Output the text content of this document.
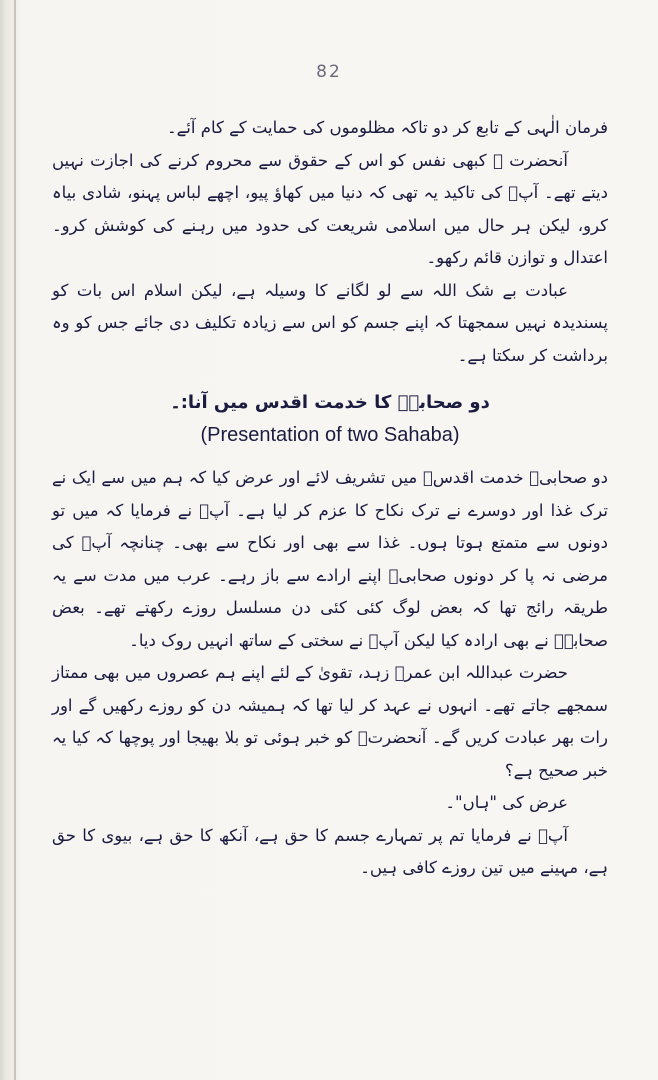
82

فرمان الٰہی کے تابع کر دو تاکہ مظلوموں کی حمایت کے کام آئے۔

آنحضرت ﷺ کبھی نفس کو اس کے حقوق سے محروم کرنے کی اجازت نہیں دیتے تھے۔ آپؐ کی تاکید یہ تھی کہ دنیا میں کھاؤ پیو، اچھے لباس پہنو، شادی بیاہ کرو، لیکن ہر حال میں اسلامی شریعت کی حدود میں رہنے کی کوشش کرو۔ اعتدال و توازن قائم رکھو۔

عبادت بے شک اللہ سے لو لگانے کا وسیلہ ہے، لیکن اسلام اس بات کو پسندیدہ نہیں سمجھتا کہ اپنے جسم کو اس سے زیادہ تکلیف دی جائے جس کو وہ برداشت کر سکتا ہے۔

دو صحابہؓ کا خدمت اقدس میں آنا:۔

(Presentation of two Sahaba)

دو صحابیؓ خدمت اقدسؐ میں تشریف لائے اور عرض کیا کہ ہم میں سے ایک نے ترک غذا اور دوسرے نے ترک نکاح کا عزم کر لیا ہے۔ آپؐ نے فرمایا کہ میں تو دونوں سے متمتع ہوتا ہوں۔ غذا سے بھی اور نکاح سے بھی۔ چنانچہ آپؐ کی مرضی نہ پا کر دونوں صحابیؓ اپنے ارادے سے باز رہے۔ عرب میں مدت سے یہ طریقہ رائج تھا کہ بعض لوگ کئی کئی دن مسلسل روزے رکھتے تھے۔ بعض صحابہؓ نے بھی ارادہ کیا لیکن آپؐ نے سختی کے ساتھ انہیں روک دیا۔

حضرت عبداللہ ابن عمرؓ زہد، تقویٰ کے لئے اپنے ہم عصروں میں بھی ممتاز سمجھے جاتے تھے۔ انہوں نے عہد کر لیا تھا کہ ہمیشہ دن کو روزے رکھیں گے اور رات بھر عبادت کریں گے۔ آنحضرتؐ کو خبر ہوئی تو بلا بھیجا اور پوچھا کہ کیا یہ خبر صحیح ہے؟

عرض کی "ہاں"۔

آپؐ نے فرمایا تم پر تمہارے جسم کا حق ہے، آنکھ کا حق ہے، بیوی کا حق ہے، مہینے میں تین روزے کافی ہیں۔
